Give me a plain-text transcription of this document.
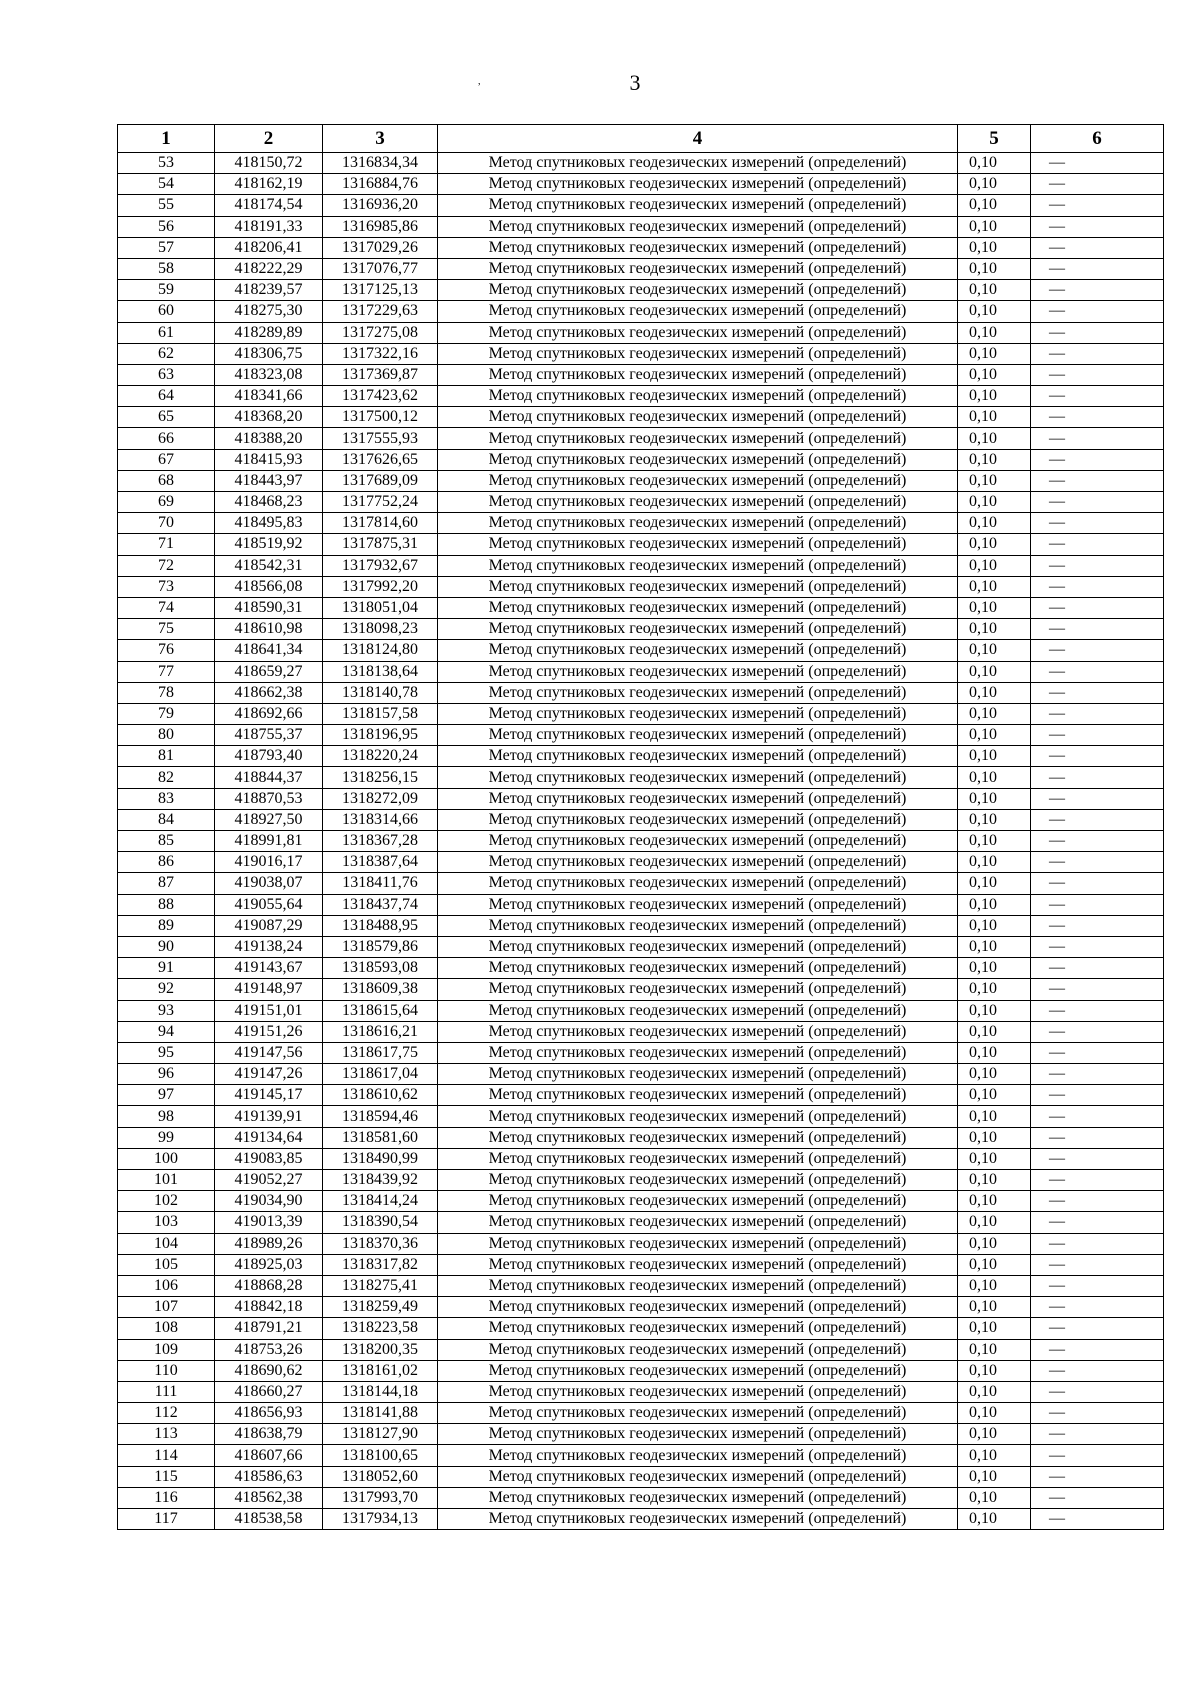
3
,
1	2	3	4	5	6
53	418150,72	1316834,34	Метод спутниковых геодезических измерений (определений)	0,10	—
54	418162,19	1316884,76	Метод спутниковых геодезических измерений (определений)	0,10	—
55	418174,54	1316936,20	Метод спутниковых геодезических измерений (определений)	0,10	—
56	418191,33	1316985,86	Метод спутниковых геодезических измерений (определений)	0,10	—
57	418206,41	1317029,26	Метод спутниковых геодезических измерений (определений)	0,10	—
58	418222,29	1317076,77	Метод спутниковых геодезических измерений (определений)	0,10	—
59	418239,57	1317125,13	Метод спутниковых геодезических измерений (определений)	0,10	—
60	418275,30	1317229,63	Метод спутниковых геодезических измерений (определений)	0,10	—
61	418289,89	1317275,08	Метод спутниковых геодезических измерений (определений)	0,10	—
62	418306,75	1317322,16	Метод спутниковых геодезических измерений (определений)	0,10	—
63	418323,08	1317369,87	Метод спутниковых геодезических измерений (определений)	0,10	—
64	418341,66	1317423,62	Метод спутниковых геодезических измерений (определений)	0,10	—
65	418368,20	1317500,12	Метод спутниковых геодезических измерений (определений)	0,10	—
66	418388,20	1317555,93	Метод спутниковых геодезических измерений (определений)	0,10	—
67	418415,93	1317626,65	Метод спутниковых геодезических измерений (определений)	0,10	—
68	418443,97	1317689,09	Метод спутниковых геодезических измерений (определений)	0,10	—
69	418468,23	1317752,24	Метод спутниковых геодезических измерений (определений)	0,10	—
70	418495,83	1317814,60	Метод спутниковых геодезических измерений (определений)	0,10	—
71	418519,92	1317875,31	Метод спутниковых геодезических измерений (определений)	0,10	—
72	418542,31	1317932,67	Метод спутниковых геодезических измерений (определений)	0,10	—
73	418566,08	1317992,20	Метод спутниковых геодезических измерений (определений)	0,10	—
74	418590,31	1318051,04	Метод спутниковых геодезических измерений (определений)	0,10	—
75	418610,98	1318098,23	Метод спутниковых геодезических измерений (определений)	0,10	—
76	418641,34	1318124,80	Метод спутниковых геодезических измерений (определений)	0,10	—
77	418659,27	1318138,64	Метод спутниковых геодезических измерений (определений)	0,10	—
78	418662,38	1318140,78	Метод спутниковых геодезических измерений (определений)	0,10	—
79	418692,66	1318157,58	Метод спутниковых геодезических измерений (определений)	0,10	—
80	418755,37	1318196,95	Метод спутниковых геодезических измерений (определений)	0,10	—
81	418793,40	1318220,24	Метод спутниковых геодезических измерений (определений)	0,10	—
82	418844,37	1318256,15	Метод спутниковых геодезических измерений (определений)	0,10	—
83	418870,53	1318272,09	Метод спутниковых геодезических измерений (определений)	0,10	—
84	418927,50	1318314,66	Метод спутниковых геодезических измерений (определений)	0,10	—
85	418991,81	1318367,28	Метод спутниковых геодезических измерений (определений)	0,10	—
86	419016,17	1318387,64	Метод спутниковых геодезических измерений (определений)	0,10	—
87	419038,07	1318411,76	Метод спутниковых геодезических измерений (определений)	0,10	—
88	419055,64	1318437,74	Метод спутниковых геодезических измерений (определений)	0,10	—
89	419087,29	1318488,95	Метод спутниковых геодезических измерений (определений)	0,10	—
90	419138,24	1318579,86	Метод спутниковых геодезических измерений (определений)	0,10	—
91	419143,67	1318593,08	Метод спутниковых геодезических измерений (определений)	0,10	—
92	419148,97	1318609,38	Метод спутниковых геодезических измерений (определений)	0,10	—
93	419151,01	1318615,64	Метод спутниковых геодезических измерений (определений)	0,10	—
94	419151,26	1318616,21	Метод спутниковых геодезических измерений (определений)	0,10	—
95	419147,56	1318617,75	Метод спутниковых геодезических измерений (определений)	0,10	—
96	419147,26	1318617,04	Метод спутниковых геодезических измерений (определений)	0,10	—
97	419145,17	1318610,62	Метод спутниковых геодезических измерений (определений)	0,10	—
98	419139,91	1318594,46	Метод спутниковых геодезических измерений (определений)	0,10	—
99	419134,64	1318581,60	Метод спутниковых геодезических измерений (определений)	0,10	—
100	419083,85	1318490,99	Метод спутниковых геодезических измерений (определений)	0,10	—
101	419052,27	1318439,92	Метод спутниковых геодезических измерений (определений)	0,10	—
102	419034,90	1318414,24	Метод спутниковых геодезических измерений (определений)	0,10	—
103	419013,39	1318390,54	Метод спутниковых геодезических измерений (определений)	0,10	—
104	418989,26	1318370,36	Метод спутниковых геодезических измерений (определений)	0,10	—
105	418925,03	1318317,82	Метод спутниковых геодезических измерений (определений)	0,10	—
106	418868,28	1318275,41	Метод спутниковых геодезических измерений (определений)	0,10	—
107	418842,18	1318259,49	Метод спутниковых геодезических измерений (определений)	0,10	—
108	418791,21	1318223,58	Метод спутниковых геодезических измерений (определений)	0,10	—
109	418753,26	1318200,35	Метод спутниковых геодезических измерений (определений)	0,10	—
110	418690,62	1318161,02	Метод спутниковых геодезических измерений (определений)	0,10	—
111	418660,27	1318144,18	Метод спутниковых геодезических измерений (определений)	0,10	—
112	418656,93	1318141,88	Метод спутниковых геодезических измерений (определений)	0,10	—
113	418638,79	1318127,90	Метод спутниковых геодезических измерений (определений)	0,10	—
114	418607,66	1318100,65	Метод спутниковых геодезических измерений (определений)	0,10	—
115	418586,63	1318052,60	Метод спутниковых геодезических измерений (определений)	0,10	—
116	418562,38	1317993,70	Метод спутниковых геодезических измерений (определений)	0,10	—
117	418538,58	1317934,13	Метод спутниковых геодезических измерений (определений)	0,10	—
